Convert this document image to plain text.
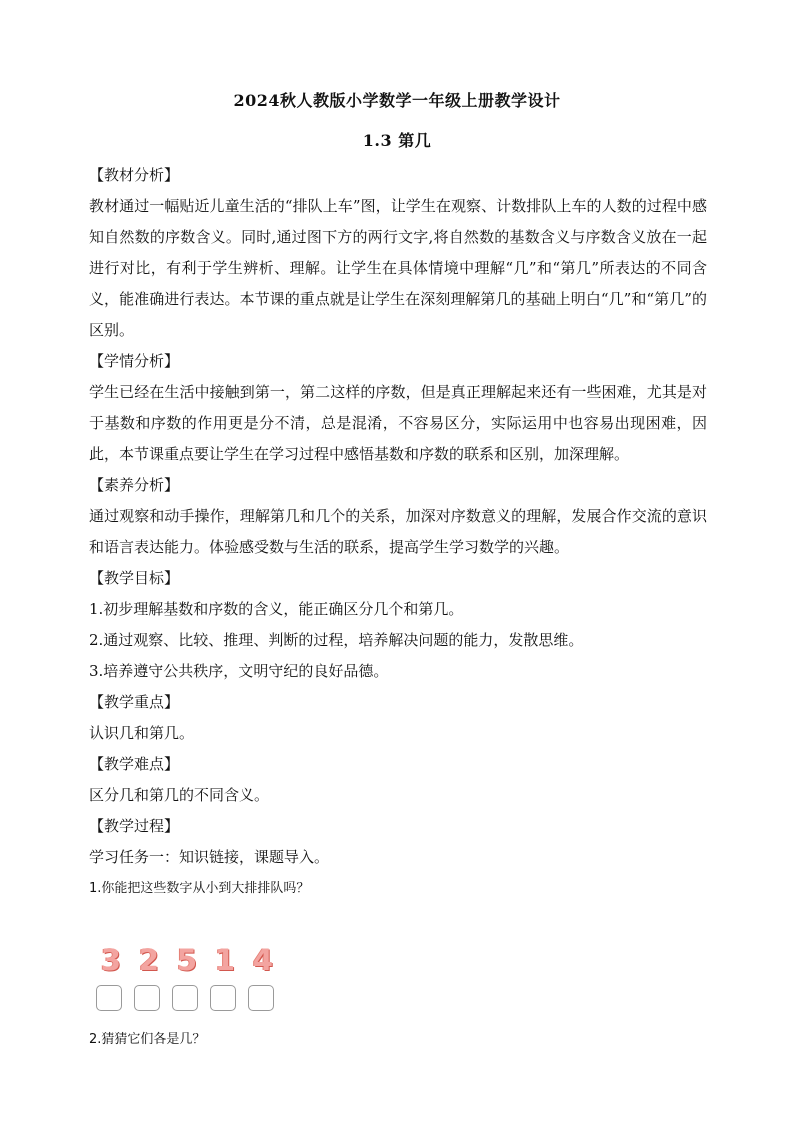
2024秋人教版小学数学一年级上册教学设计
1.3 第几

【教材分析】

教材通过一幅贴近儿童生活的“排队上车”图，让学生在观察、计数排队上车的人数的过程中感知自然数的序数含义。同时,通过图下方的两行文字,将自然数的基数含义与序数含义放在一起进行对比，有利于学生辨析、理解。让学生在具体情境中理解“几”和“第几”所表达的不同含义，能准确进行表达。本节课的重点就是让学生在深刻理解第几的基础上明白“几”和“第几”的区别。

【学情分析】

学生已经在生活中接触到第一，第二这样的序数，但是真正理解起来还有一些困难，尤其是对于基数和序数的作用更是分不清，总是混淆，不容易区分，实际运用中也容易出现困难，因此，本节课重点要让学生在学习过程中感悟基数和序数的联系和区别，加深理解。

【素养分析】

通过观察和动手操作，理解第几和几个的关系，加深对序数意义的理解，发展合作交流的意识和语言表达能力。体验感受数与生活的联系，提高学生学习数学的兴趣。

【教学目标】

1.初步理解基数和序数的含义，能正确区分几个和第几。

2.通过观察、比较、推理、判断的过程，培养解决问题的能力，发散思维。

3.培养遵守公共秩序，文明守纪的良好品德。

【教学重点】

认识几和第几。

【教学难点】

区分几和第几的不同含义。

【教学过程】

学习任务一：知识链接，课题导入。

1.你能把这些数字从小到大排排队吗？

3 2 5 1 4

2.猜猜它们各是几？
